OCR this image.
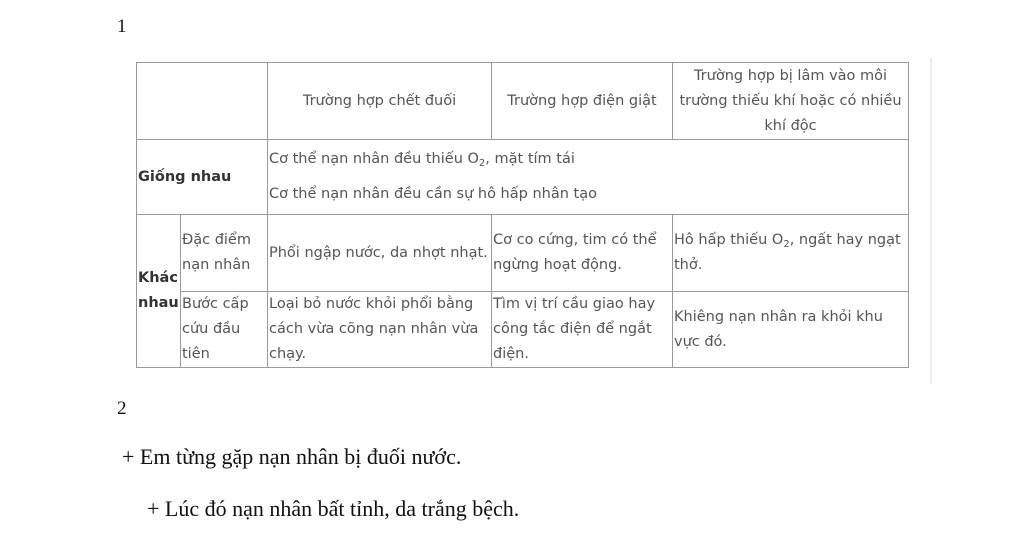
1
		Trường hợp chết đuối	Trường hợp điện giật	Trường hợp bị lâm vào môi trường thiếu khí hoặc có nhiều khí độc
Giống nhau		Cơ thể nạn nhân đều thiếu $O_2$, mặt tím tái
Cơ thể nạn nhân đều cần sự hô hấp nhân tạo		

Khác nhau	Đặc điểm nạn nhân	Phổi ngập nước, da nhợt nhạt.	Cơ co cứng, tim có thể ngừng hoạt động.	Hô hấp thiếu $O_2$, ngất hay ngạt thở.
	Bước cấp cứu đầu tiên	Loại bỏ nước khỏi phổi bằng cách vừa cõng nạn nhân vừa chạy.	Tìm vị trí cầu giao hay công tắc điện để ngắt điện.	Khiêng nạn nhân ra khỏi khu vực đó.
2
+ Em từng gặp nạn nhân bị đuối nước.
+ Lúc đó nạn nhân bất tỉnh, da trắng bệch.
